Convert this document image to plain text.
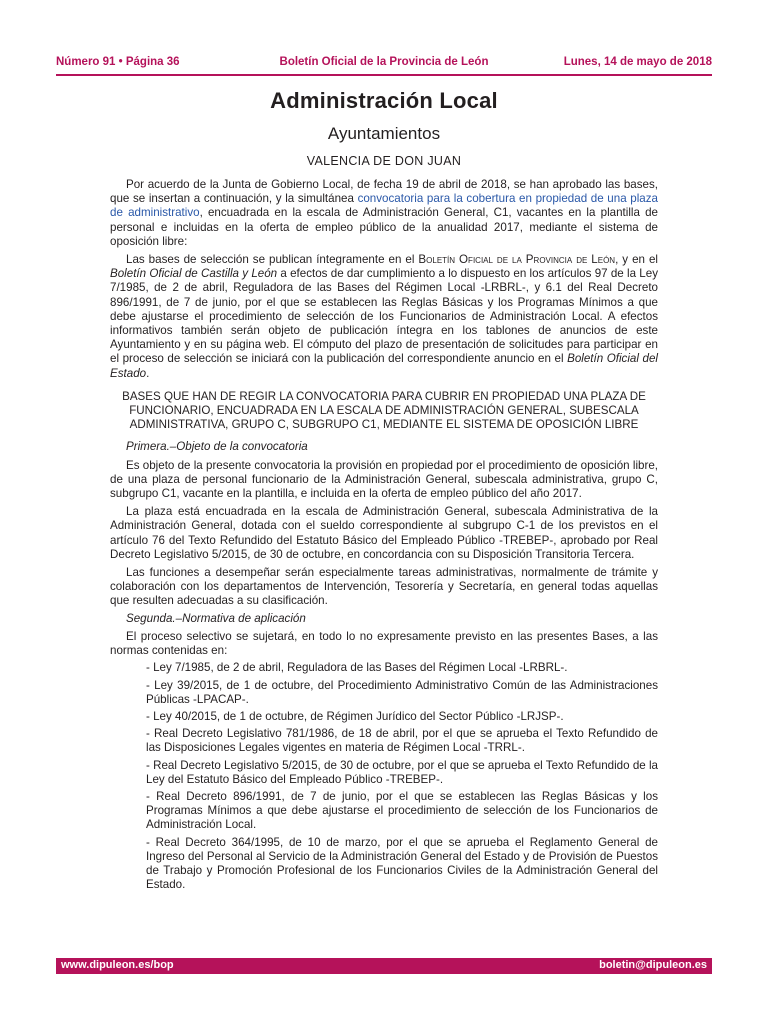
Número 91 • Página 36	Boletín Oficial de la Provincia de León	Lunes, 14 de mayo de 2018
Administración Local
Ayuntamientos
VALENCIA DE DON JUAN

Por acuerdo de la Junta de Gobierno Local, de fecha 19 de abril de 2018, se han aprobado las bases, que se insertan a continuación, y la simultánea convocatoria para la cobertura en propiedad de una plaza de administrativo, encuadrada en la escala de Administración General, C1, vacantes en la plantilla de personal e incluidas en la oferta de empleo público de la anualidad 2017, mediante el sistema de oposición libre:

Las bases de selección se publican íntegramente en el Boletín Oficial de la Provincia de León, y en el Boletín Oficial de Castilla y León a efectos de dar cumplimiento a lo dispuesto en los artículos 97 de la Ley 7/1985, de 2 de abril, Reguladora de las Bases del Régimen Local -LRBRL-, y 6.1 del Real Decreto 896/1991, de 7 de junio, por el que se establecen las Reglas Básicas y los Programas Mínimos a que debe ajustarse el procedimiento de selección de los Funcionarios de Administración Local. A efectos informativos también serán objeto de publicación íntegra en los tablones de anuncios de este Ayuntamiento y en su página web. El cómputo del plazo de presentación de solicitudes para participar en el proceso de selección se iniciará con la publicación del correspondiente anuncio en el Boletín Oficial del Estado.

BASES QUE HAN DE REGIR LA CONVOCATORIA PARA CUBRIR EN PROPIEDAD UNA PLAZA DE FUNCIONARIO, ENCUADRADA EN LA ESCALA DE ADMINISTRACIÓN GENERAL, SUBESCALA ADMINISTRATIVA, GRUPO C, SUBGRUPO C1, MEDIANTE EL SISTEMA DE OPOSICIÓN LIBRE

Primera.–Objeto de la convocatoria

Es objeto de la presente convocatoria la provisión en propiedad por el procedimiento de oposición libre, de una plaza de personal funcionario de la Administración General, subescala administrativa, grupo C, subgrupo C1, vacante en la plantilla, e incluida en la oferta de empleo público del año 2017.

La plaza está encuadrada en la escala de Administración General, subescala Administrativa de la Administración General, dotada con el sueldo correspondiente al subgrupo C-1 de los previstos en el artículo 76 del Texto Refundido del Estatuto Básico del Empleado Público -TREBEP-, aprobado por Real Decreto Legislativo 5/2015, de 30 de octubre, en concordancia con su Disposición Transitoria Tercera.

Las funciones a desempeñar serán especialmente tareas administrativas, normalmente de trámite y colaboración con los departamentos de Intervención, Tesorería y Secretaría, en general todas aquellas que resulten adecuadas a su clasificación.

Segunda.–Normativa de aplicación

El proceso selectivo se sujetará, en todo lo no expresamente previsto en las presentes Bases, a las normas contenidas en:

- Ley 7/1985, de 2 de abril, Reguladora de las Bases del Régimen Local -LRBRL-.

- Ley 39/2015, de 1 de octubre, del Procedimiento Administrativo Común de las Administraciones Públicas -LPACAP-.

- Ley 40/2015, de 1 de octubre, de Régimen Jurídico del Sector Público -LRJSP-.

- Real Decreto Legislativo 781/1986, de 18 de abril, por el que se aprueba el Texto Refundido de las Disposiciones Legales vigentes en materia de Régimen Local -TRRL-.

- Real Decreto Legislativo 5/2015, de 30 de octubre, por el que se aprueba el Texto Refundido de la Ley del Estatuto Básico del Empleado Público -TREBEP-.

- Real Decreto 896/1991, de 7 de junio, por el que se establecen las Reglas Básicas y los Programas Mínimos a que debe ajustarse el procedimiento de selección de los Funcionarios de Administración Local.

- Real Decreto 364/1995, de 10 de marzo, por el que se aprueba el Reglamento General de Ingreso del Personal al Servicio de la Administración General del Estado y de Provisión de Puestos de Trabajo y Promoción Profesional de los Funcionarios Civiles de la Administración General del Estado.

www.dipuleon.es/bop	boletin@dipuleon.es
